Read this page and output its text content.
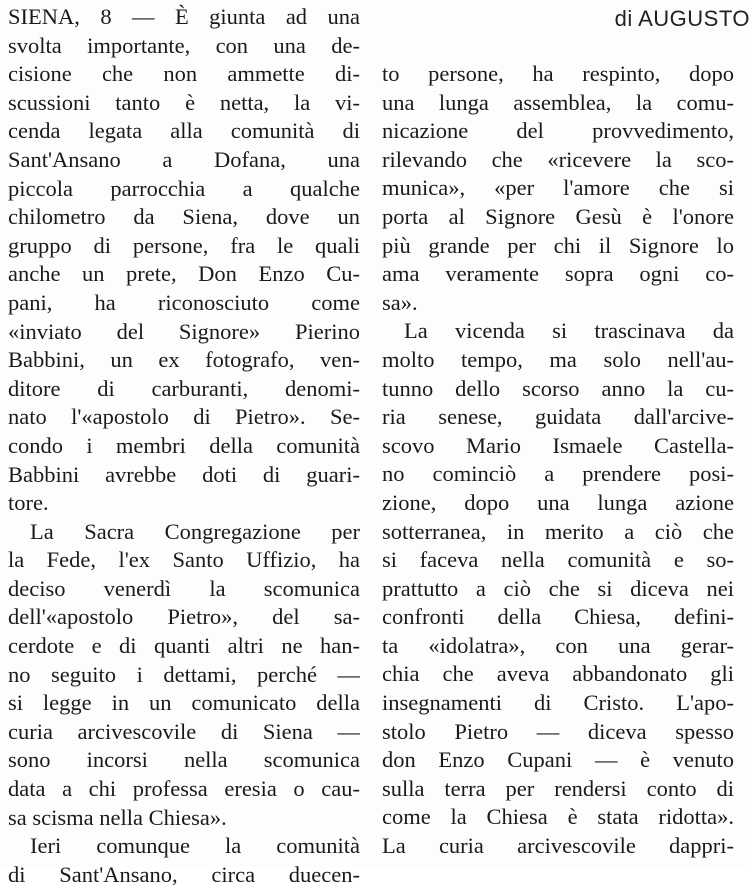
di AUGUSTO
SIENA, 8 — È giunta ad una
svolta importante, con una de-
cisione che non ammette di-
scussioni tanto è netta, la vi-
cenda legata alla comunità di
Sant'Ansano a Dofana, una
piccola parrocchia a qualche
chilometro da Siena, dove un
gruppo di persone, fra le quali
anche un prete, Don Enzo Cu-
pani, ha riconosciuto come
«inviato del Signore» Pierino
Babbini, un ex fotografo, ven-
ditore di carburanti, denomi-
nato l'«apostolo di Pietro». Se-
condo i membri della comunità
Babbini avrebbe doti di guari-
tore.
La Sacra Congregazione per
la Fede, l'ex Santo Uffizio, ha
deciso venerdì la scomunica
dell'«apostolo Pietro», del sa-
cerdote e di quanti altri ne han-
no seguito i dettami, perché —
si legge in un comunicato della
curia arcivescovile di Siena —
sono incorsi nella scomunica
data a chi professa eresia o cau-
sa scisma nella Chiesa».
Ieri comunque la comunità
di Sant'Ansano, circa duecen-
to persone, ha respinto, dopo
una lunga assemblea, la comu-
nicazione del provvedimento,
rilevando che «ricevere la sco-
munica», «per l'amore che si
porta al Signore Gesù è l'onore
più grande per chi il Signore lo
ama veramente sopra ogni co-
sa».
La vicenda si trascinava da
molto tempo, ma solo nell'au-
tunno dello scorso anno la cu-
ria senese, guidata dall'arcive-
scovo Mario Ismaele Castella-
no cominciò a prendere posi-
zione, dopo una lunga azione
sotterranea, in merito a ciò che
si faceva nella comunità e so-
prattutto a ciò che si diceva nei
confronti della Chiesa, defini-
ta «idolatra», con una gerar-
chia che aveva abbandonato gli
insegnamenti di Cristo. L'apo-
stolo Pietro — diceva spesso
don Enzo Cupani — è venuto
sulla terra per rendersi conto di
come la Chiesa è stata ridotta».
La curia arcivescovile dappri-
